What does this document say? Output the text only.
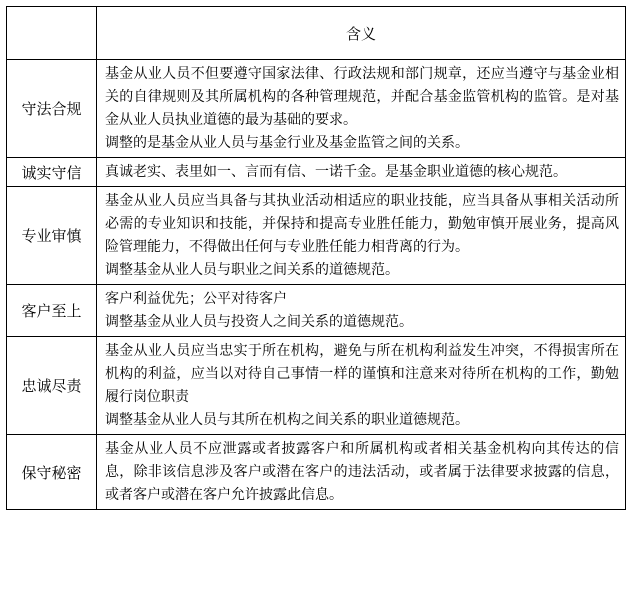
	含义
守法合规	基金从业人员不但要遵守国家法律、行政法规和部门规章，还应当遵守与基金业相关的自律规则及其所属机构的各种管理规范，并配合基金监管机构的监管。是对基金从业人员执业道德的最为基础的要求。
调整的是基金从业人员与基金行业及基金监管之间的关系。

诚实守信	真诚老实、表里如一、言而有信、一诺千金。是基金职业道德的核心规范。

专业审慎	基金从业人员应当具备与其执业活动相适应的职业技能，应当具备从事相关活动所必需的专业知识和技能，并保持和提高专业胜任能力，勤勉审慎开展业务，提高风险管理能力，不得做出任何与专业胜任能力相背离的行为。
调整基金从业人员与职业之间关系的道德规范。

客户至上	客户利益优先；公平对待客户
调整基金从业人员与投资人之间关系的道德规范。

忠诚尽责	基金从业人员应当忠实于所在机构，避免与所在机构利益发生冲突，不得损害所在机构的利益，应当以对待自己事情一样的谨慎和注意来对待所在机构的工作，勤勉履行岗位职责
调整基金从业人员与其所在机构之间关系的职业道德规范。

保守秘密	基金从业人员不应泄露或者披露客户和所属机构或者相关基金机构向其传达的信息，除非该信息涉及客户或潜在客户的违法活动，或者属于法律要求披露的信息，或者客户或潜在客户允许披露此信息。
